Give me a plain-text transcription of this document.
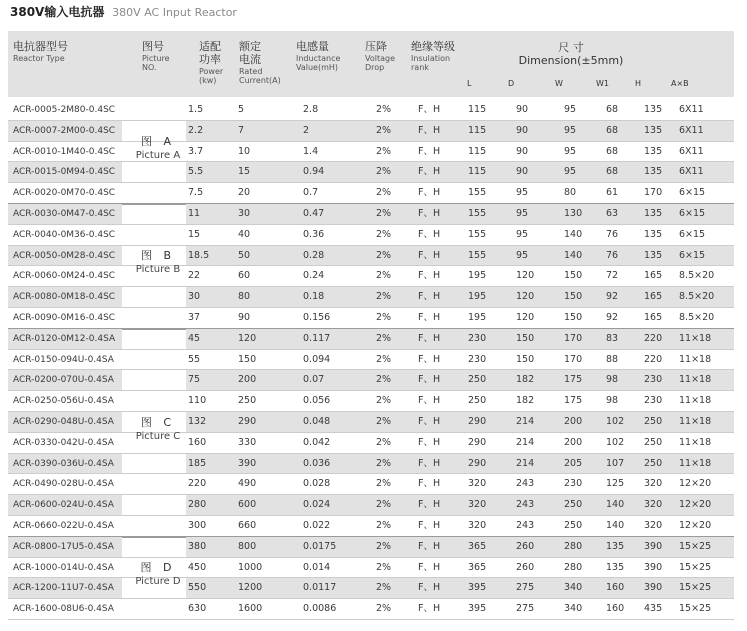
380V输入电抗器 380V AC Input Reactor
电抗器型号
Reactor Type
图号
Picture
NO.
适配
功率
Power
(kw)
额定
电流
Rated
Current(A)
电感量
Inductance
Value(mH)
压降
Voltage
Drop
绝缘等级
Insulation
rank
尺 寸
Dimension(±5mm)
L	D	W	W1	H	A×B
ACR-0005-2M80-0.4SC	1.5	5	2.8	2%	F、H	115	90	95	68	135 6X11
ACR-0007-2M00-0.4SC	2.2	7	2	2%	F、H	115	90	95	68	135 6X11
ACR-0010-1M40-0.4SC	3.7	10	1.4	2%	F、H	115	90	95	68	135 6X11
ACR-0015-0M94-0.4SC	5.5	15	0.94	2%	F、H	115	90	95	68	135 6X11
ACR-0020-0M70-0.4SC	7.5	20	0.7	2%	F、H	155	95	80	61	170 6×15
图 A
Picture A
ACR-0030-0M47-0.4SC	11	30	0.47	2%	F、H	155	95	130	63	135 6×15
ACR-0040-0M36-0.4SC	15	40	0.36	2%	F、H	155	95	140	76	135 6×15
ACR-0050-0M28-0.4SC	18.5	50	0.28	2%	F、H	155	95	140	76	135 6×15
ACR-0060-0M24-0.4SC	22	60	0.24	2%	F、H	195	120	150	72	165 8.5×20
ACR-0080-0M18-0.4SC	30	80	0.18	2%	F、H	195	120	150	92	165 8.5×20
ACR-0090-0M16-0.4SC	37	90	0.156	2%	F、H	195	120	150	92	165 8.5×20
图 B
Picture B
ACR-0120-0M12-0.4SA	45	120	0.117	2%	F、H	230	150	170	83	220 11×18
ACR-0150-094U-0.4SA	55	150	0.094	2%	F、H	230	150	170	88	220 11×18
ACR-0200-070U-0.4SA	75	200	0.07	2%	F、H	250	182	175	98	230 11×18
ACR-0250-056U-0.4SA	110	250	0.056	2%	F、H	250	182	175	98	230 11×18
ACR-0290-048U-0.4SA	132	290	0.048	2%	F、H	290	214	200	102 250 11×18
ACR-0330-042U-0.4SA	160	330	0.042	2%	F、H	290	214	200	102 250 11×18
ACR-0390-036U-0.4SA	185	390	0.036	2%	F、H	290	214	205	107 250 11×18
ACR-0490-028U-0.4SA	220	490	0.028	2%	F、H	320	243	230	125 320 12×20
ACR-0600-024U-0.4SA	280	600	0.024	2%	F、H	320	243	250	140 320 12×20
ACR-0660-022U-0.4SA	300	660	0.022	2%	F、H	320	243	250	140 320 12×20
图 C
Picture C
ACR-0800-17U5-0.4SA	380	800	0.0175	2%	F、H	365	260	280	135 390 15×25
ACR-1000-014U-0.4SA	450	1000	0.014	2%	F、H	365	260	280	135 390 15×25
ACR-1200-11U7-0.4SA	550	1200	0.0117	2%	F、H	395	275	340	160 390 15×25
ACR-1600-08U6-0.4SA	630	1600	0.0086	2%	F、H	395	275	340	160 435 15×25
图 D
Picture D
